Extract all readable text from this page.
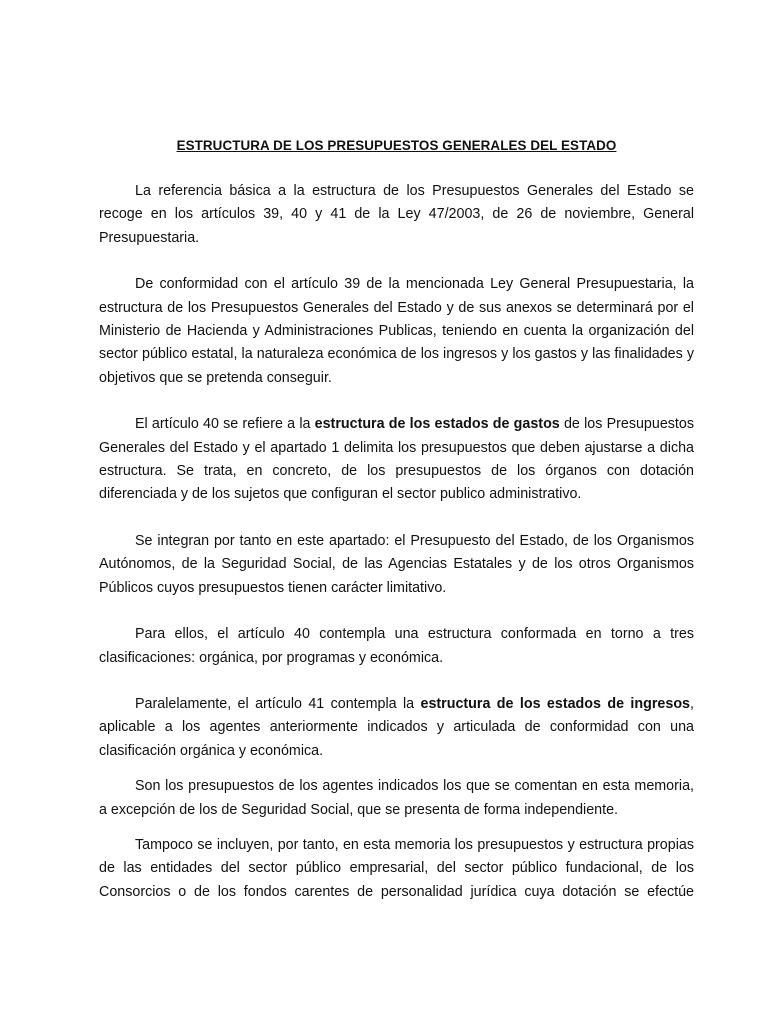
ESTRUCTURA DE LOS PRESUPUESTOS GENERALES DEL ESTADO

La referencia básica a la estructura de los Presupuestos Generales del Estado se recoge en los artículos 39, 40 y 41 de la Ley 47/2003, de 26 de noviembre, General Presupuestaria.

De conformidad con el artículo 39 de la mencionada Ley General Presupuestaria, la estructura de los Presupuestos Generales del Estado y de sus anexos se determinará por el Ministerio de Hacienda y Administraciones Publicas, teniendo en cuenta la organización del sector público estatal, la naturaleza económica de los ingresos y los gastos y las finalidades y objetivos que se pretenda conseguir.

El artículo 40 se refiere a la estructura de los estados de gastos de los Presupuestos Generales del Estado y el apartado 1 delimita los presupuestos que deben ajustarse a dicha estructura. Se trata, en concreto, de los presupuestos de los órganos con dotación diferenciada y de los sujetos que configuran el sector publico administrativo.

Se integran por tanto en este apartado: el Presupuesto del Estado, de los Organismos Autónomos, de la Seguridad Social, de las Agencias Estatales y de los otros Organismos Públicos cuyos presupuestos tienen carácter limitativo.

Para ellos, el artículo 40 contempla una estructura conformada en torno a tres clasificaciones: orgánica, por programas y económica.

Paralelamente, el artículo 41 contempla la estructura de los estados de ingresos, aplicable a los agentes anteriormente indicados y articulada de conformidad con una clasificación orgánica y económica.

Son los presupuestos de los agentes indicados los que se comentan en esta memoria, a excepción de los de Seguridad Social, que se presenta de forma independiente.

Tampoco se incluyen, por tanto, en esta memoria los presupuestos y estructura propias de las entidades del sector público empresarial, del sector público fundacional, de los Consorcios o de los fondos carentes de personalidad jurídica cuya dotación se efectúe
